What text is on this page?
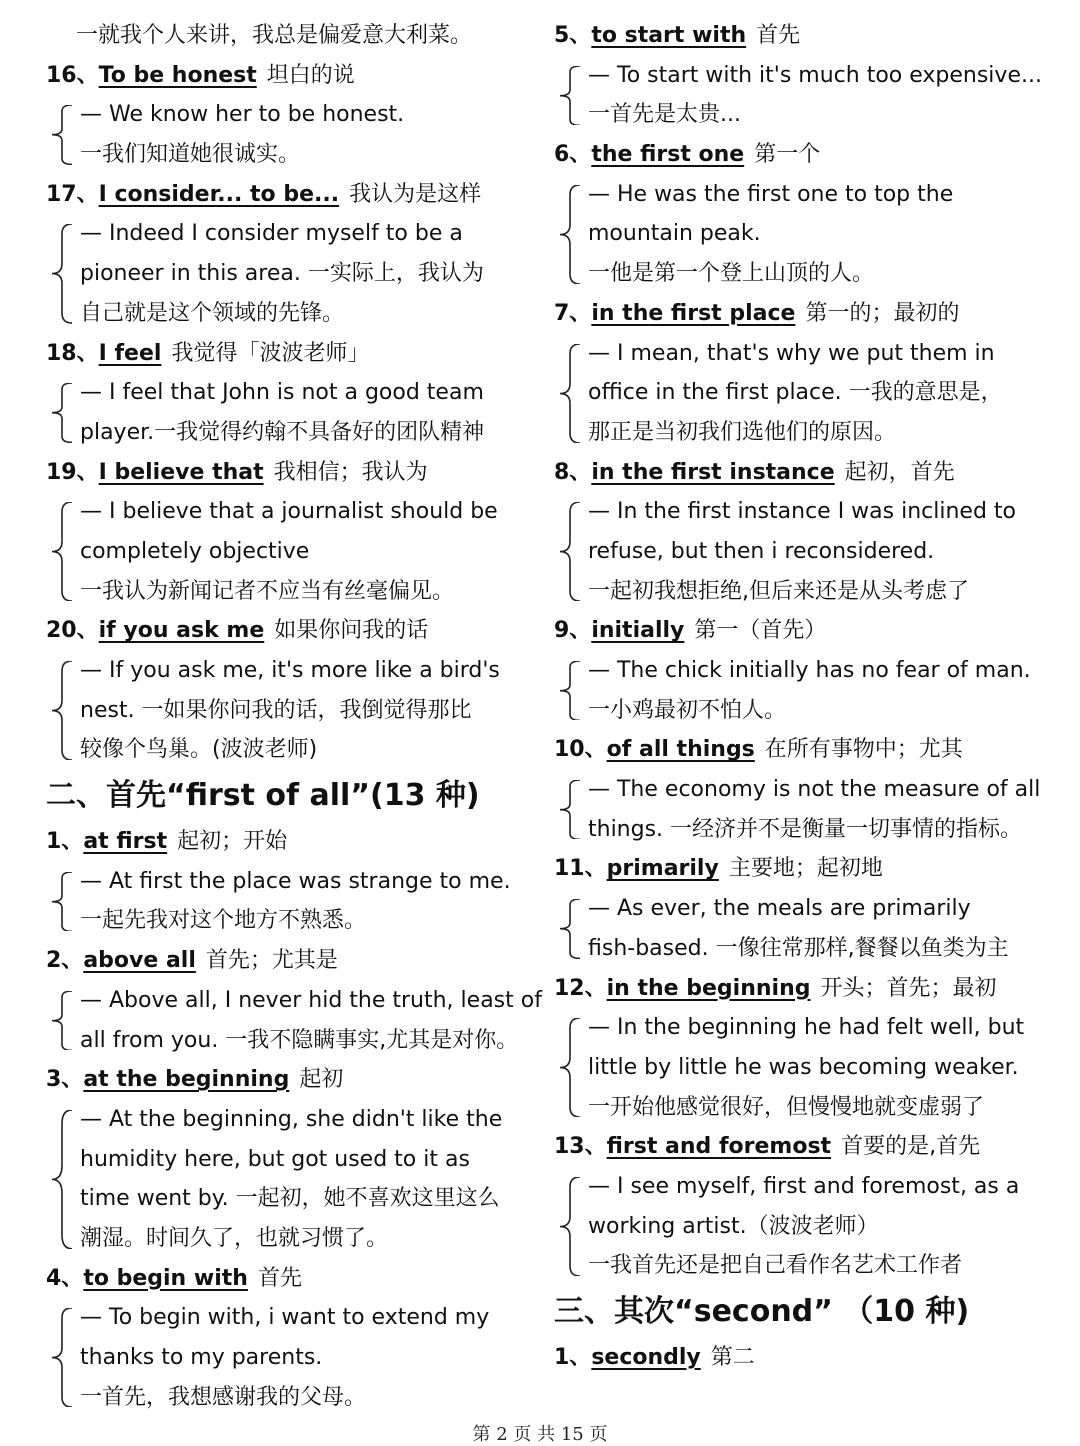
一就我个人来讲，我总是偏爱意大利菜。
16、To be honest 坦白的说
— We know her to be honest.
一我们知道她很诚实。
17、I consider... to be... 我认为是这样
— Indeed I consider myself to be a
pioneer in this area. 一实际上，我认为
自己就是这个领域的先锋。
18、I feel 我觉得「波波老师」
— I feel that John is not a good team
player.一我觉得约翰不具备好的团队精神
19、I believe that 我相信；我认为
— I believe that a journalist should be
completely objective
一我认为新闻记者不应当有丝毫偏见。
20、if you ask me 如果你问我的话
— If you ask me, it's more like a bird's
nest. 一如果你问我的话，我倒觉得那比
较像个鸟巢。(波波老师)
二、首先“first of all”(13 种)
1、at first 起初；开始
— At first the place was strange to me.
一起先我对这个地方不熟悉。
2、above all 首先；尤其是
— Above all, I never hid the truth, least of
all from you. 一我不隐瞒事实,尤其是对你。
3、at the beginning 起初
— At the beginning, she didn't like the
humidity here, but got used to it as
time went by. 一起初，她不喜欢这里这么
潮湿。时间久了，也就习惯了。
4、to begin with 首先
— To begin with, i want to extend my
thanks to my parents.
一首先，我想感谢我的父母。
5、to start with 首先
— To start with it's much too expensive...
一首先是太贵...
6、the first one 第一个
— He was the first one to top the
mountain peak.
一他是第一个登上山顶的人。
7、in the first place 第一的；最初的
— I mean, that's why we put them in
office in the first place. 一我的意思是，
那正是当初我们选他们的原因。
8、in the first instance 起初，首先
— In the first instance I was inclined to
refuse, but then i reconsidered.
一起初我想拒绝,但后来还是从头考虑了
9、initially 第一（首先）
— The chick initially has no fear of man.
一小鸡最初不怕人。
10、of all things 在所有事物中；尤其
— The economy is not the measure of all
things. 一经济并不是衡量一切事情的指标。
11、primarily 主要地；起初地
— As ever, the meals are primarily
fish-based. 一像往常那样,餐餐以鱼类为主
12、in the beginning 开头；首先；最初
— In the beginning he had felt well, but
little by little he was becoming weaker.
一开始他感觉很好，但慢慢地就变虚弱了
13、first and foremost 首要的是,首先
— I see myself, first and foremost, as a
working artist.（波波老师）
一我首先还是把自己看作名艺术工作者
三、其次“second” （10 种)
1、secondly 第二
第 2 页 共 15 页
